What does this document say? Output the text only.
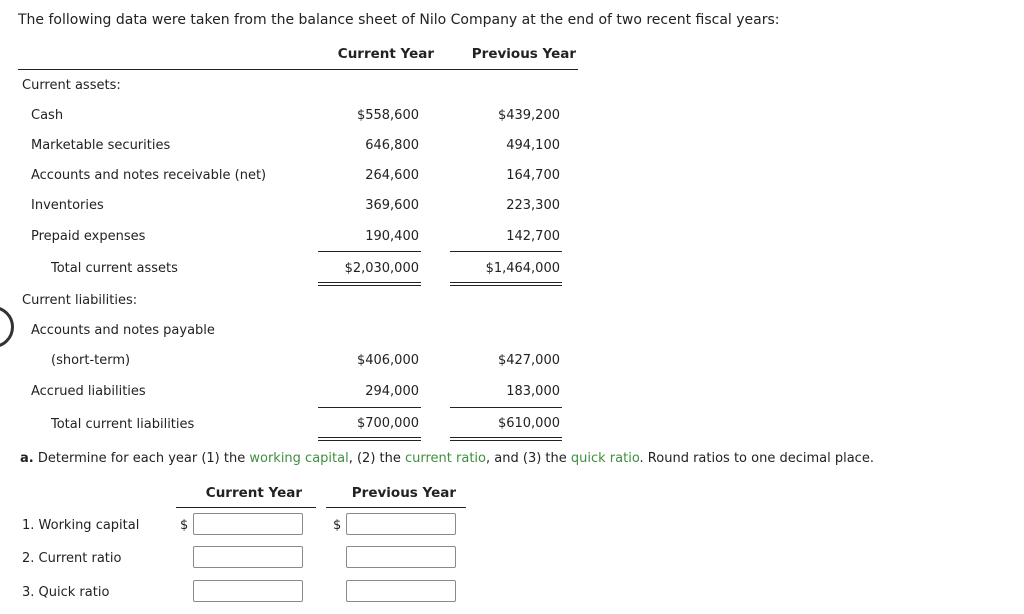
The following data were taken from the balance sheet of Nilo Company at the end of two recent fiscal years:
Current Year	Previous Year
Current assets:
Cash	$558,600	$439,200
Marketable securities	646,800	494,100
Accounts and notes receivable (net)	264,600	164,700
Inventories	369,600	223,300
Prepaid expenses	190,400	142,700
Total current assets	$2,030,000	$1,464,000
Current liabilities:
Accounts and notes payable
(short-term)	$406,000	$427,000
Accrued liabilities	294,000	183,000
Total current liabilities	$700,000	$610,000
a. Determine for each year (1) the working capital, (2) the current ratio, and (3) the quick ratio. Round ratios to one decimal place.
Current Year	Previous Year
1. Working capital	$	$
2. Current ratio
3. Quick ratio
